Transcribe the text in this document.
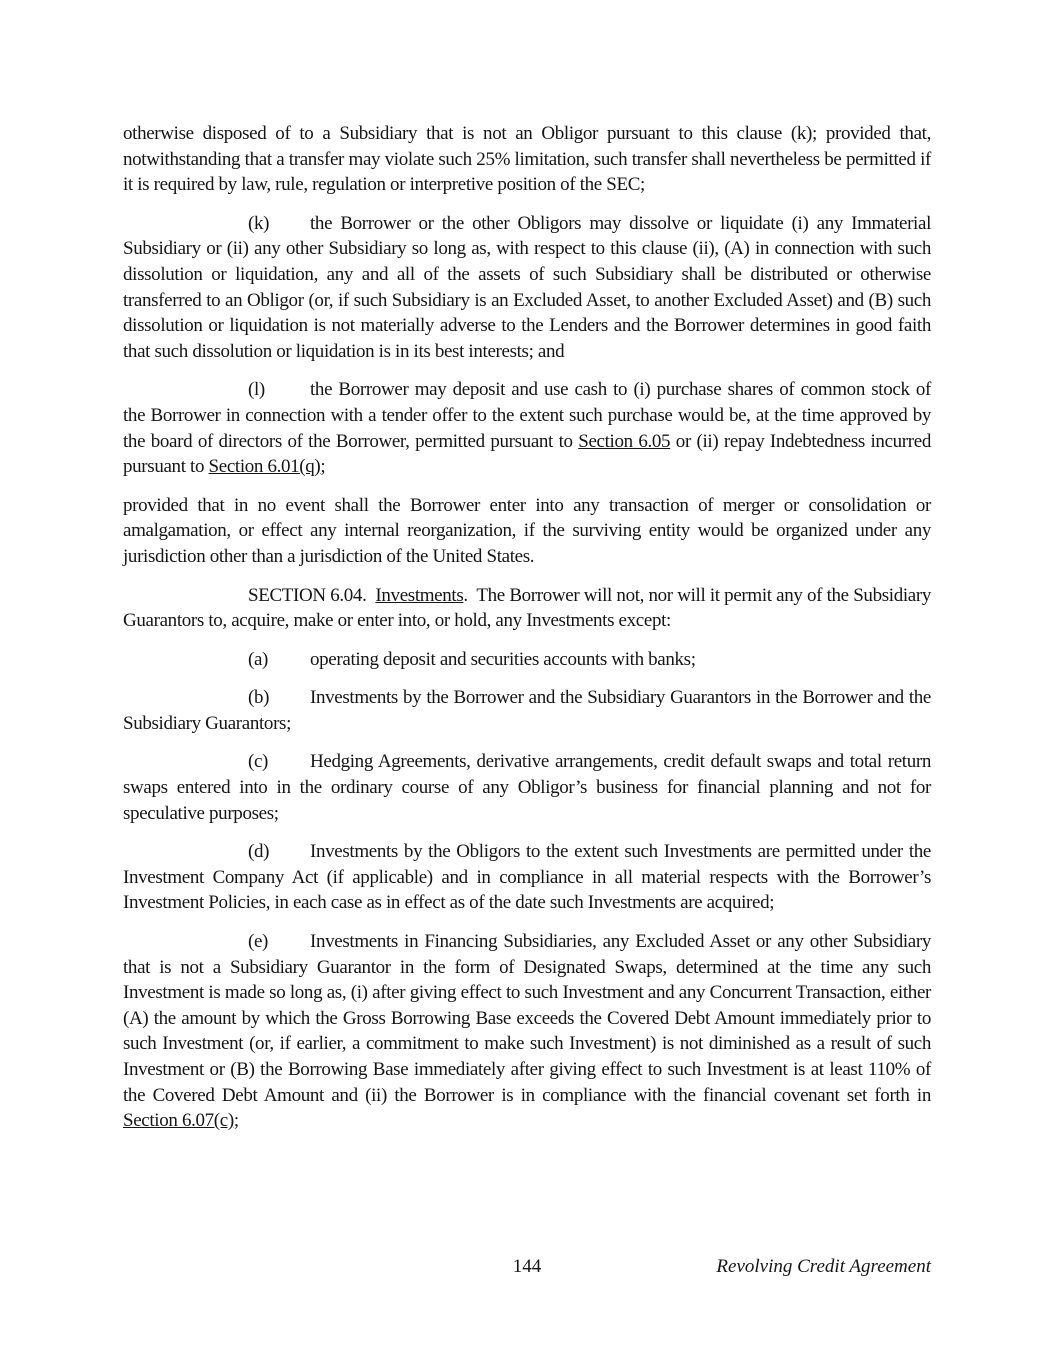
otherwise disposed of to a Subsidiary that is not an Obligor pursuant to this clause (k); provided that, notwithstanding that a transfer may violate such 25% limitation, such transfer shall nevertheless be permitted if it is required by law, rule, regulation or interpretive position of the SEC;

(k) the Borrower or the other Obligors may dissolve or liquidate (i) any Immaterial Subsidiary or (ii) any other Subsidiary so long as, with respect to this clause (ii), (A) in connection with such dissolution or liquidation, any and all of the assets of such Subsidiary shall be distributed or otherwise transferred to an Obligor (or, if such Subsidiary is an Excluded Asset, to another Excluded Asset) and (B) such dissolution or liquidation is not materially adverse to the Lenders and the Borrower determines in good faith that such dissolution or liquidation is in its best interests; and

(l) the Borrower may deposit and use cash to (i) purchase shares of common stock of the Borrower in connection with a tender offer to the extent such purchase would be, at the time approved by the board of directors of the Borrower, permitted pursuant to Section 6.05 or (ii) repay Indebtedness incurred pursuant to Section 6.01(q);

provided that in no event shall the Borrower enter into any transaction of merger or consolidation or amalgamation, or effect any internal reorganization, if the surviving entity would be organized under any jurisdiction other than a jurisdiction of the United States.

SECTION 6.04.  Investments.  The Borrower will not, nor will it permit any of the Subsidiary Guarantors to, acquire, make or enter into, or hold, any Investments except:

(a) operating deposit and securities accounts with banks;

(b) Investments by the Borrower and the Subsidiary Guarantors in the Borrower and the Subsidiary Guarantors;

(c) Hedging Agreements, derivative arrangements, credit default swaps and total return swaps entered into in the ordinary course of any Obligor’s business for financial planning and not for speculative purposes;

(d) Investments by the Obligors to the extent such Investments are permitted under the Investment Company Act (if applicable) and in compliance in all material respects with the Borrower’s Investment Policies, in each case as in effect as of the date such Investments are acquired;

(e) Investments in Financing Subsidiaries, any Excluded Asset or any other Subsidiary that is not a Subsidiary Guarantor in the form of Designated Swaps, determined at the time any such Investment is made so long as, (i) after giving effect to such Investment and any Concurrent Transaction, either (A) the amount by which the Gross Borrowing Base exceeds the Covered Debt Amount immediately prior to such Investment (or, if earlier, a commitment to make such Investment) is not diminished as a result of such Investment or (B) the Borrowing Base immediately after giving effect to such Investment is at least 110% of the Covered Debt Amount and (ii) the Borrower is in compliance with the financial covenant set forth in Section 6.07(c);

144	Revolving Credit Agreement
